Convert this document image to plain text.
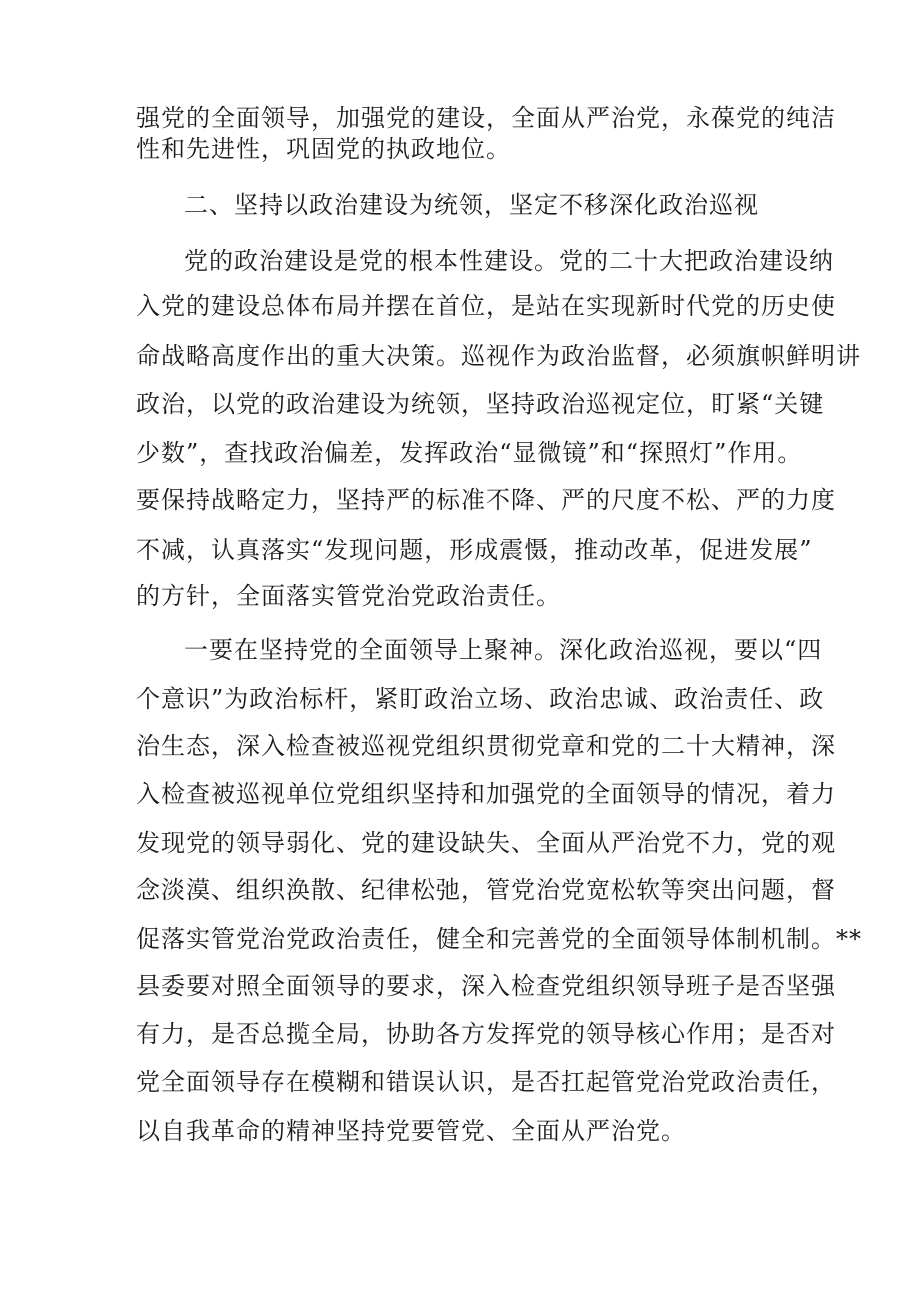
强党的全面领导，加强党的建设，全面从严治党，永葆党的纯洁
性和先进性，巩固党的执政地位。
二、坚持以政治建设为统领，坚定不移深化政治巡视
党的政治建设是党的根本性建设。党的二十大把政治建设纳
入党的建设总体布局并摆在首位，是站在实现新时代党的历史使
命战略高度作出的重大决策。巡视作为政治监督，必须旗帜鲜明讲
政治，以党的政治建设为统领，坚持政治巡视定位，盯紧“关键
少数”，查找政治偏差，发挥政治“显微镜”和“探照灯”作用。
要保持战略定力，坚持严的标准不降、严的尺度不松、严的力度
不减，认真落实“发现问题，形成震慑，推动改革，促进发展”
的方针，全面落实管党治党政治责任。
一要在坚持党的全面领导上聚神。深化政治巡视，要以“四
个意识”为政治标杆，紧盯政治立场、政治忠诚、政治责任、政
治生态，深入检查被巡视党组织贯彻党章和党的二十大精神，深
入检查被巡视单位党组织坚持和加强党的全面领导的情况，着力
发现党的领导弱化、党的建设缺失、全面从严治党不力，党的观
念淡漠、组织涣散、纪律松弛，管党治党宽松软等突出问题，督
促落实管党治党政治责任，健全和完善党的全面领导体制机制。**
县委要对照全面领导的要求，深入检查党组织领导班子是否坚强
有力，是否总揽全局，协助各方发挥党的领导核心作用；是否对
党全面领导存在模糊和错误认识，是否扛起管党治党政治责任，
以自我革命的精神坚持党要管党、全面从严治党。
